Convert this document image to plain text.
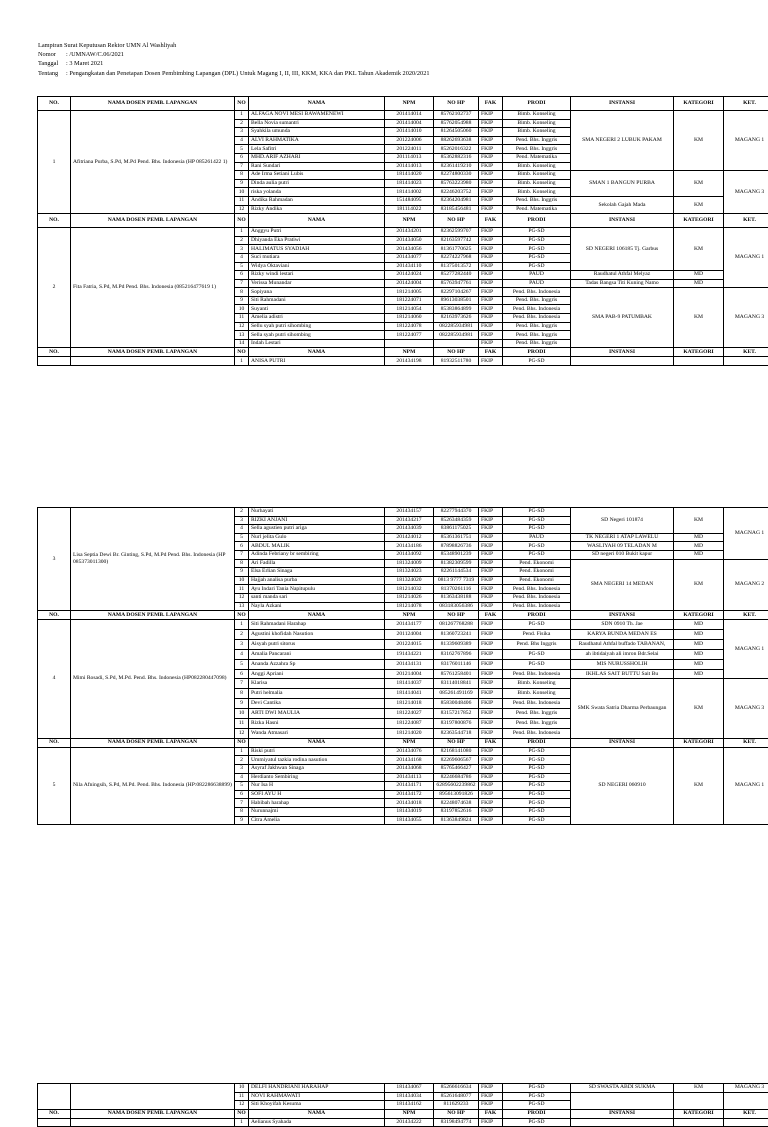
Lampiran Surat Keputusan Rektor UMN Al Washliyah
Nomor : /UMNAW/C.06/2021
Tanggal : 3 Maret 2021
Tentang : Pengangkatan dan Penetapan Dosen Pembimbing Lapangan (DPL) Untuk Magang I, II, III, KKM, KKA dan PKL Tahun Akademik 2020/2021
NO.	NAMA DOSEN PEMB. LAPANGAN	NO	NAMA	NPM	NO HP	FAK	PRODI	INSTANSI	KATEGORI	KET.
1	Afitriana Purba, S.Pd, M.Pd Pend. Bhs. Indonesia (HP 085261422 1)	1	ALFAGA NOVI MESI BAWAMENEWI	201414014	85762102737	FKIP	Bimb. Konseling	SMA NEGERI 2 LUBUK PAKAM	KM	MAGANG 1
		2	Bella Novia sumantri	201414004	85762054988	FKIP	Bimb. Konseling			
		3	Syahkila umunda	201414010	81264505060	FKIP	Bimb. Konseling			
		4	ALVI RAHMATIKA	201224006	88262693638	FKIP	Pend. Bhs. Inggris			
		5	Lela Safitri	201224011	85262016322	FKIP	Pend. Bhs. Inggris			
		6	MHD.ARIF AZHARI	201114013	85362882316	FKIP	Pend. Matematika			
		7	Rani Sundari	201414013	82361419210	FKIP	Bimb. Konseling			
		8	Ade Irma Setiani Lubis	181414020	82274800330	FKIP	Bimb. Konseling	SMAN 1 BANGUN PURBA	KM	MAGANG 3
		9	Dinda aulia putri	181414023	85763223980	FKIP	Bimb. Konseling			
		10	riska yolanda	181414002	82246203752	FKIP	Bimb. Konseling			
		11	Andika Rahmadan	151484095	82364204981	FKIP	Pend. Bhs. Inggris	Sekolah Gajah Mada	KM	
		12	Rizky Andika	181114022	83185456481	FKIP	Pend. Matematika			
NO.	NAMA DOSEN PEMB. LAPANGAN	NO	NAMA	NPM	NO HP	FAK	PRODI	INSTANSI	KATEGORI	KET.
2	Fita Fatria, S.Pd, M.Pd Pend. Bhs. Indonesia (085216477619 1)	1	Anggyu Putri	201434201	82362599707	FKIP	PG-SD	SD NEGERI 106185 Tj. Garbus	KM	MAGANG 1
		2	Dhiyanda Eka Pratiwi	201434050	82163597742	FKIP	PG-SD			
		3	HALIMATUS SYADIAH	201434056	81361770625	FKIP	PG-SD			
		4	Suci mutiara	201434077	82274227968	FKIP	PG-SD			
		5	Widya Oktaviani	201434110	81375013572	FKIP	PG-SD			
		6	Rizky windi lestari	201424024	85277282440	FKIP	PAUD	Raudhatul Athfal Melyaz	MD	
		7	Verissa Munandar	201424004	85763947761	FKIP	PAUD	Tadas Bangsa Titi Kuning Namo	MD	
		8	Sopiyana	181214005	82297104267	FKIP	Pend. Bhs. Indonesia	SMA PAB-9 PATUMBAK	KM	MAGANG 3
		9	Siti Rahmadani	181224071	89613038501	FKIP	Pend. Bhs. Inggris			
		10	Suyanti	181214054	85383864899	FKIP	Pend. Bhs. Indonesia			
		11	Amelia adistri	181214060	82163973626	FKIP	Pend. Bhs. Indonesia			
		12	Sellu syah putri sihombing	181224078	082285934981	FKIP	Pend. Bhs. Inggris			
		13	Sella syah putri sihombing	181224077	082285934981	FKIP	Pend. Bhs. Inggris			
		14	Indah Lestari			FKIP	Pend. Bhs. Inggris			
NO.	NAMA DOSEN PEMB. LAPANGAN	NO	NAMA	NPM	NO HP	FAK	PRODI	INSTANSI	KATEGORI	KET.
		1	ANISA PUTRI	201434198	81932511780	FKIP	PG-SD			
3	Lisa Septia Dewi Br. Ginting, S.Pd, M.Pd Pend. Bhs. Indonesia (HP 085373011300)	2	Nurhayati	201434157	82277944370	FKIP	PG-SD	SD Negeri 101874	KM	MAGNAG 1
		3	RIZKI ANJANI	201434217	85263484359	FKIP	PG-SD			
		4	Sella agustien putri ariga	201434039	83861175025	FKIP	PG-SD			
		5	Nurl jelita Gulo	201424012	85361361751	FKIP	PAUD	TK NEGERI 1 ATAP LAWELU	MD	
		6	ABDUL MALIK	201434186	87898826736	FKIP	PG-SD	WASLIYAH 09 TELADAN M	MD	
		7	Adinda Febriany br sembiring	201434092	85348901239	FKIP	PG-SD	SD negeri 010 Bukit kapur	MD	
		8	Ari Fadilla	181324009	81382309599	FKIP	Pend. Ekonomi	SMA NEGERI 14 MEDAN	KM	MAGANG 2
		9	Elsa Erlian Sinaga	181324023	82261144534	FKIP	Pend. Ekonomi			
		10	Hajjah analisa purba	181324020	0813 9777 7319	FKIP	Pend. Ekonomi			
		11	Ayu Indari Tania Napitupulu	181214032	81370261116	FKIP	Pend. Bhs. Indonesia			
		12	santi manda sari	181214026	81363438188	FKIP	Pend. Bhs. Indonesia			
		13	Nayla Azkani	181214078	083183056386	FKIP	Pend. Bhs. Indonesia			
NO.	NAMA DOSEN PEMB. LAPANGAN	NO	NAMA	NPM	NO HP	FAK	PRODI	INSTANSI	KATEGORI	KET.
4	Mimi Rosadi, S.Pd, M.Pd. Pend. Bhs. Indonesia (HP082280447098)	1	Siti Rahmadani Harahap	201434177	081267768288	FKIP	PG-SD	SDN 0910 Th. Jae	MD	MAGANG 1
		2	Agustini khofidah Nasution	201124004	81360723241	FKIP	Pend. Fisika	KARYA BUNDA MEDAN ES	MD	
		3	Aisyah putri sitorus	201224015	81339609389	FKIP	Pend. Bhs Inggris	Raudhatul Athfal buffado TABANAN,	MD	
		4	Amalia Pancarani	191434221	83162767896	FKIP	PG-SD	ah ibtidaiyah ali imron Bdr.Selai	MD	
		5	Ananda Azzahra Sp	201434131	83176011146	FKIP	PG-SD	MIS NURUSSHOLIH	MD	
		6	Anggi Apriani	201214004	85761258401	FKIP	Pend. Bhs. Indonesia	IKHLAS SAIT BUTTU Sait Bu	MD	
		7	Klarisa	181414037	83114018841	FKIP	Bimb. Konseling	SMK Swata Satria Dharma Perbaungan	KM	MAGANG 3
		8	Putri helmalia	181414041	085261491169	FKIP	Bimb. Konseling			
		9	Devi Cantika	181214018	85830048406	FKIP	Pend. Bhs. Indonesia			
		10	ARTI DWI MAULIA	181224027	83157217852	FKIP	Pend. Bhs. Inggris			
		11	Rizka Hasni	181224087	83197800876	FKIP	Pend. Bhs. Inggris			
		12	Wanda Atmasari	181214020	82363544718	FKIP	Pend. Bhs. Indonesia			
NO.	NAMA DOSEN PEMB. LAPANGAN	NO	NAMA	NPM	NO HP	FAK	PRODI	INSTANSI	KATEGORI	KET.
5	Nila Afningsih, S.Pd, M.Pd. Pend. Bhs. Indonesia (HP:082286638899)	1	Riski putri	201434076	82168141080	FKIP	PG-SD	SD NEGERI 060910	KM	MAGANG 1
		2	Ummiyatul tazkia rodina nasution	201434168	82269606567	FKIP	PG-SD			
		3	Asyraf Jakhwan Sinaga	201434068	85765466427	FKIP	PG-SD			
		4	Herdianto Sembiring	201434113	82246684786	FKIP	PG-SD			
		5	Nur Isa H	201434171	62895602239862	FKIP	PG-SD			
		6	SOFI AYU H	201434172	895613091826	FKIP	PG-SD			
		7	Habibah harahap	201434018	82248074638	FKIP	PG-SD			
		8	Nurunnajmi	181434019	83197852616	FKIP	PG-SD			
		9	Citra Amelia	181434055	81363849824	FKIP	PG-SD			
		10	DELFI HANDRIANI HARAHAP	181434067	85266616634	FKIP	PG-SD	SD SWASTA ABDI SUKMA	KM	MAGANG 3
		11	NOVI RAHMAWATI	181434034	85261648077	FKIP	PG-SD			
		12	Siti Khoyifah Kesuma	181434162	811629233	FKIP	PG-SD			
NO.	NAMA DOSEN PEMB. LAPANGAN	NO	NAMA	NPM	NO HP	FAK	PRODI	INSTANSI	KATEGORI	KET.
		1	Aelianus Syahada	201434222	83198494774	FKIP	PG-SD			
